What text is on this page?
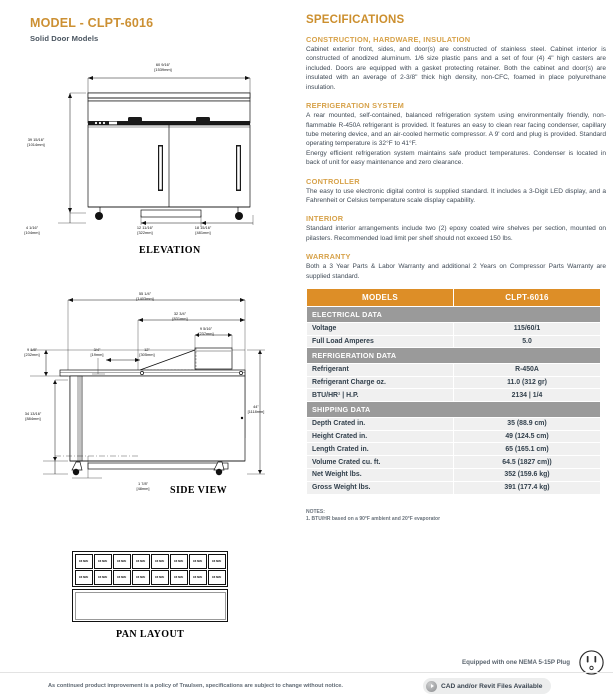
MODEL - CLPT-6016
Solid Door Models
60 9/16"
[1539mm]
39 15/16"
[1014mm]
4 1/16"
[104mm]
12 11/16"
[322mm]
18 15/16"
[481mm]
ELEVATION
55 1/4"
[1403mm]
32 3/4"
[831mm]
9 5/16"
[237mm]
9 1/8"
[232mm]
3/4"
[19mm]
12"
[305mm]
34 13/16"
[884mm]
44"
[1118mm]
1 7/8"
[48mm]	SIDE VIEW
1/6 SIZE	1/6 SIZE	1/6 SIZE	1/6 SIZE	1/6 SIZE	1/6 SIZE	1/6 SIZE	1/6 SIZE
1/6 SIZE	1/6 SIZE	1/6 SIZE	1/6 SIZE	1/6 SIZE	1/6 SIZE	1/6 SIZE	1/6 SIZE
PAN LAYOUT
SPECIFICATIONS
CONSTRUCTION, HARDWARE, INSULATION
Cabinet exterior front, sides, and door(s) are constructed of stainless steel. Cabinet interior is constructed of anodized aluminum. 1/6 size plastic pans and a set of four (4) 4" high casters are included. Doors are equipped with a gasket protecting retainer. Both the cabinet and door(s) are insulated with an average of 2-3/8" thick high density, non-CFC, foamed in place polyurethane insulation.
REFRIGERATION SYSTEM
A rear mounted, self-contained, balanced refrigeration system using environmentally friendly, non-flammable R-450A refrigerant is provided. It features an easy to clean rear facing condenser, capillary tube metering device, and an air-cooled hermetic compressor. A 9' cord and plug is provided. Standard operating temperature is 32°F to 41°F.
Energy efficient refrigeration system maintains safe product temperatures. Condenser is located in back of unit for easy maintenance and zero clearance.
CONTROLLER
The easy to use electronic digital control is supplied standard. It includes a 3-Digit LED display, and a Fahrenheit or Celsius temperature scale display capability.
INTERIOR
Standard interior arrangements include two (2) epoxy coated wire shelves per section, mounted on pilasters. Recommended load limit per shelf should not exceed 150 lbs.
WARRANTY
Both a 3 Year Parts & Labor Warranty and additional 2 Years on Compressor Parts Warranty are supplied standard.
MODELS	CLPT-6016
ELECTRICAL DATA	
Voltage	115/60/1
Full Load Amperes	5.0
REFRIGERATION DATA	
Refrigerant	R-450A
Refrigerant Charge oz.	11.0 (312 gr)
BTU/HR¹ | H.P.	2134 | 1/4
SHIPPING DATA	
Depth Crated in.	35 (88.9 cm)
Height Crated in.	49 (124.5 cm)
Length Crated in.	65 (165.1 cm)
Volume Crated cu. ft.	64.5 (1827 cm))
Net Weight lbs.	352 (159.6 kg)
Gross Weight lbs.	391 (177.4 kg)
NOTES:
1. BTU/HR based on a 90°F ambient and 20°F evaporator
Equipped with one NEMA 5-15P Plug
As continued product improvement is a policy of Traulsen, specifications are subject to change without notice.	CAD and/or Revit Files Available
